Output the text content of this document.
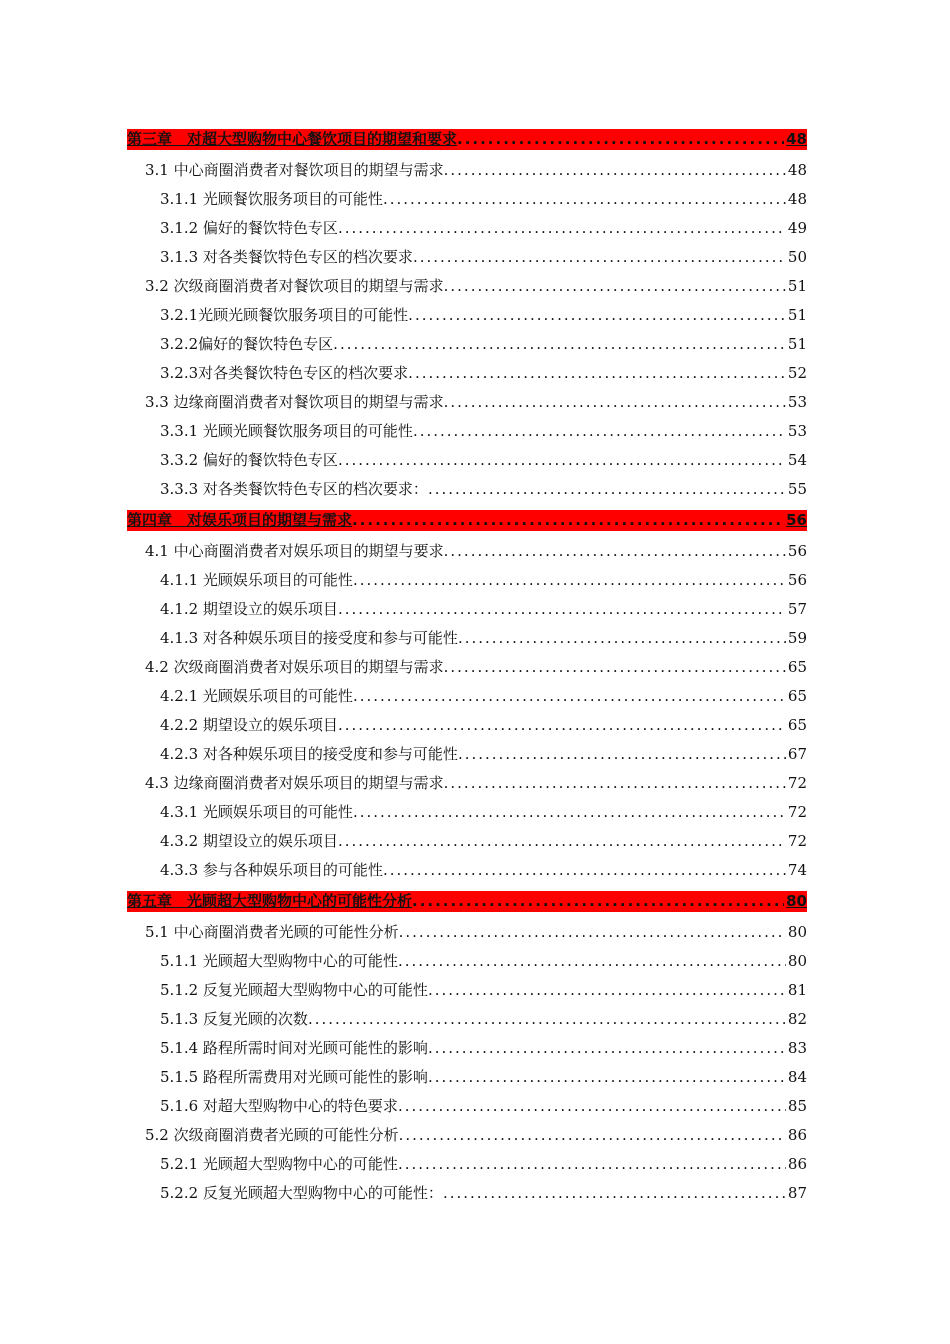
第三章　对超大型购物中心餐饮项目的期望和要求 .....	48
3.1 中心商圈消费者对餐饮项目的期望与需求 .....	48
3.1.1 光顾餐饮服务项目的可能性 .....	48
3.1.2 偏好的餐饮特色专区 .....	49
3.1.3 对各类餐饮特色专区的档次要求 .....	50
3.2 次级商圈消费者对餐饮项目的期望与需求 .....	51
3.2.1光顾光顾餐饮服务项目的可能性 .....	51
3.2.2偏好的餐饮特色专区 .....	51
3.2.3对各类餐饮特色专区的档次要求 .....	52
3.3 边缘商圈消费者对餐饮项目的期望与需求 .....	53
3.3.1 光顾光顾餐饮服务项目的可能性 .....	53
3.3.2 偏好的餐饮特色专区 .....	54
3.3.3 对各类餐饮特色专区的档次要求： .....	55
第四章　对娱乐项目的期望与需求 .....	56
4.1 中心商圈消费者对娱乐项目的期望与要求 .....	56
4.1.1 光顾娱乐项目的可能性 .....	56
4.1.2 期望设立的娱乐项目 .....	57
4.1.3 对各种娱乐项目的接受度和参与可能性 .....	59
4.2 次级商圈消费者对娱乐项目的期望与需求 .....	65
4.2.1 光顾娱乐项目的可能性 .....	65
4.2.2 期望设立的娱乐项目 .....	65
4.2.3 对各种娱乐项目的接受度和参与可能性 .....	67
4.3 边缘商圈消费者对娱乐项目的期望与需求 .....	72
4.3.1 光顾娱乐项目的可能性 .....	72
4.3.2 期望设立的娱乐项目 .....	72
4.3.3 参与各种娱乐项目的可能性 .....	74
第五章　光顾超大型购物中心的可能性分析 .....	80
5.1 中心商圈消费者光顾的可能性分析 .....	80
5.1.1 光顾超大型购物中心的可能性 .....	80
5.1.2 反复光顾超大型购物中心的可能性 .....	81
5.1.3 反复光顾的次数 .....	82
5.1.4 路程所需时间对光顾可能性的影响 .....	83
5.1.5 路程所需费用对光顾可能性的影响 .....	84
5.1.6 对超大型购物中心的特色要求 .....	85
5.2 次级商圈消费者光顾的可能性分析 .....	86
5.2.1 光顾超大型购物中心的可能性 .....	86
5.2.2 反复光顾超大型购物中心的可能性： .....	87
